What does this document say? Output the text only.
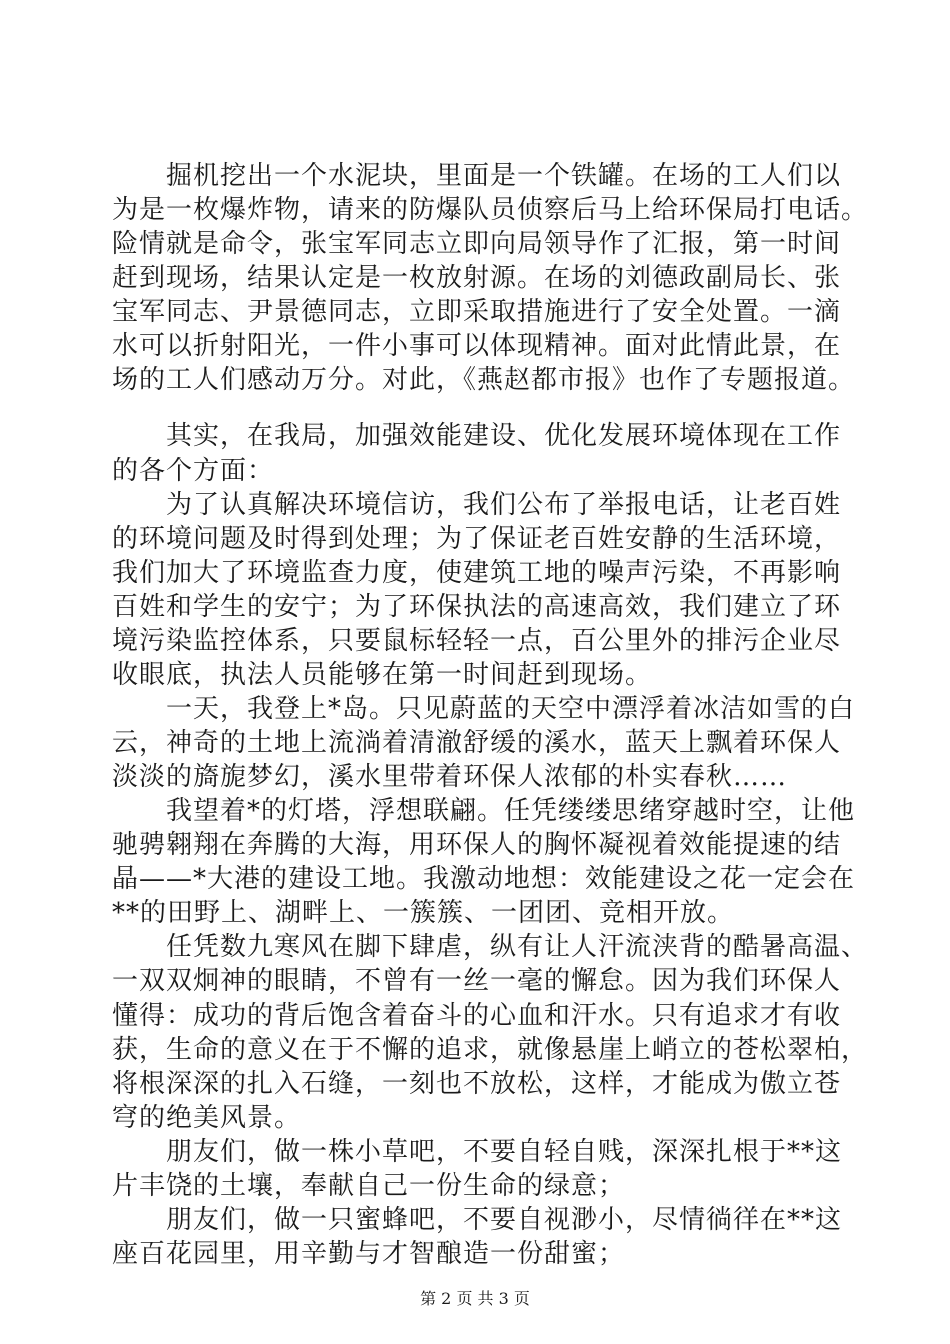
　　掘机挖出一个水泥块，里面是一个铁罐。在场的工人们以
为是一枚爆炸物，请来的防爆队员侦察后马上给环保局打电话。
险情就是命令，张宝军同志立即向局领导作了汇报，第一时间
赶到现场，结果认定是一枚放射源。在场的刘德政副局长、张
宝军同志、尹景德同志，立即采取措施进行了安全处置。一滴
水可以折射阳光，一件小事可以体现精神。面对此情此景，在
场的工人们感动万分。对此，《燕赵都市报》也作了专题报道。
　　其实，在我局，加强效能建设、优化发展环境体现在工作
的各个方面：
　　为了认真解决环境信访，我们公布了举报电话，让老百姓
的环境问题及时得到处理；为了保证老百姓安静的生活环境，
我们加大了环境监查力度，使建筑工地的噪声污染，不再影响
百姓和学生的安宁；为了环保执法的高速高效，我们建立了环
境污染监控体系，只要鼠标轻轻一点，百公里外的排污企业尽
收眼底，执法人员能够在第一时间赶到现场。
　　一天，我登上*岛。只见蔚蓝的天空中漂浮着冰洁如雪的白
云，神奇的土地上流淌着清澈舒缓的溪水，蓝天上飘着环保人
淡淡的旖旎梦幻，溪水里带着环保人浓郁的朴实春秋……
　　我望着*的灯塔，浮想联翩。任凭缕缕思绪穿越时空，让他
驰骋翱翔在奔腾的大海，用环保人的胸怀凝视着效能提速的结
晶——*大港的建设工地。我激动地想：效能建设之花一定会在
**的田野上、湖畔上、一簇簇、一团团、竞相开放。
　　任凭数九寒风在脚下肆虐，纵有让人汗流浃背的酷暑高温、
一双双炯神的眼睛，不曾有一丝一毫的懈怠。因为我们环保人
懂得：成功的背后饱含着奋斗的心血和汗水。只有追求才有收
获，生命的意义在于不懈的追求，就像悬崖上峭立的苍松翠柏，
将根深深的扎入石缝，一刻也不放松，这样，才能成为傲立苍
穹的绝美风景。
　　朋友们，做一株小草吧，不要自轻自贱，深深扎根于**这
片丰饶的土壤，奉献自己一份生命的绿意；
　　朋友们，做一只蜜蜂吧，不要自视渺小，尽情徜徉在**这
座百花园里，用辛勤与才智酿造一份甜蜜；
第 2 页 共 3 页
